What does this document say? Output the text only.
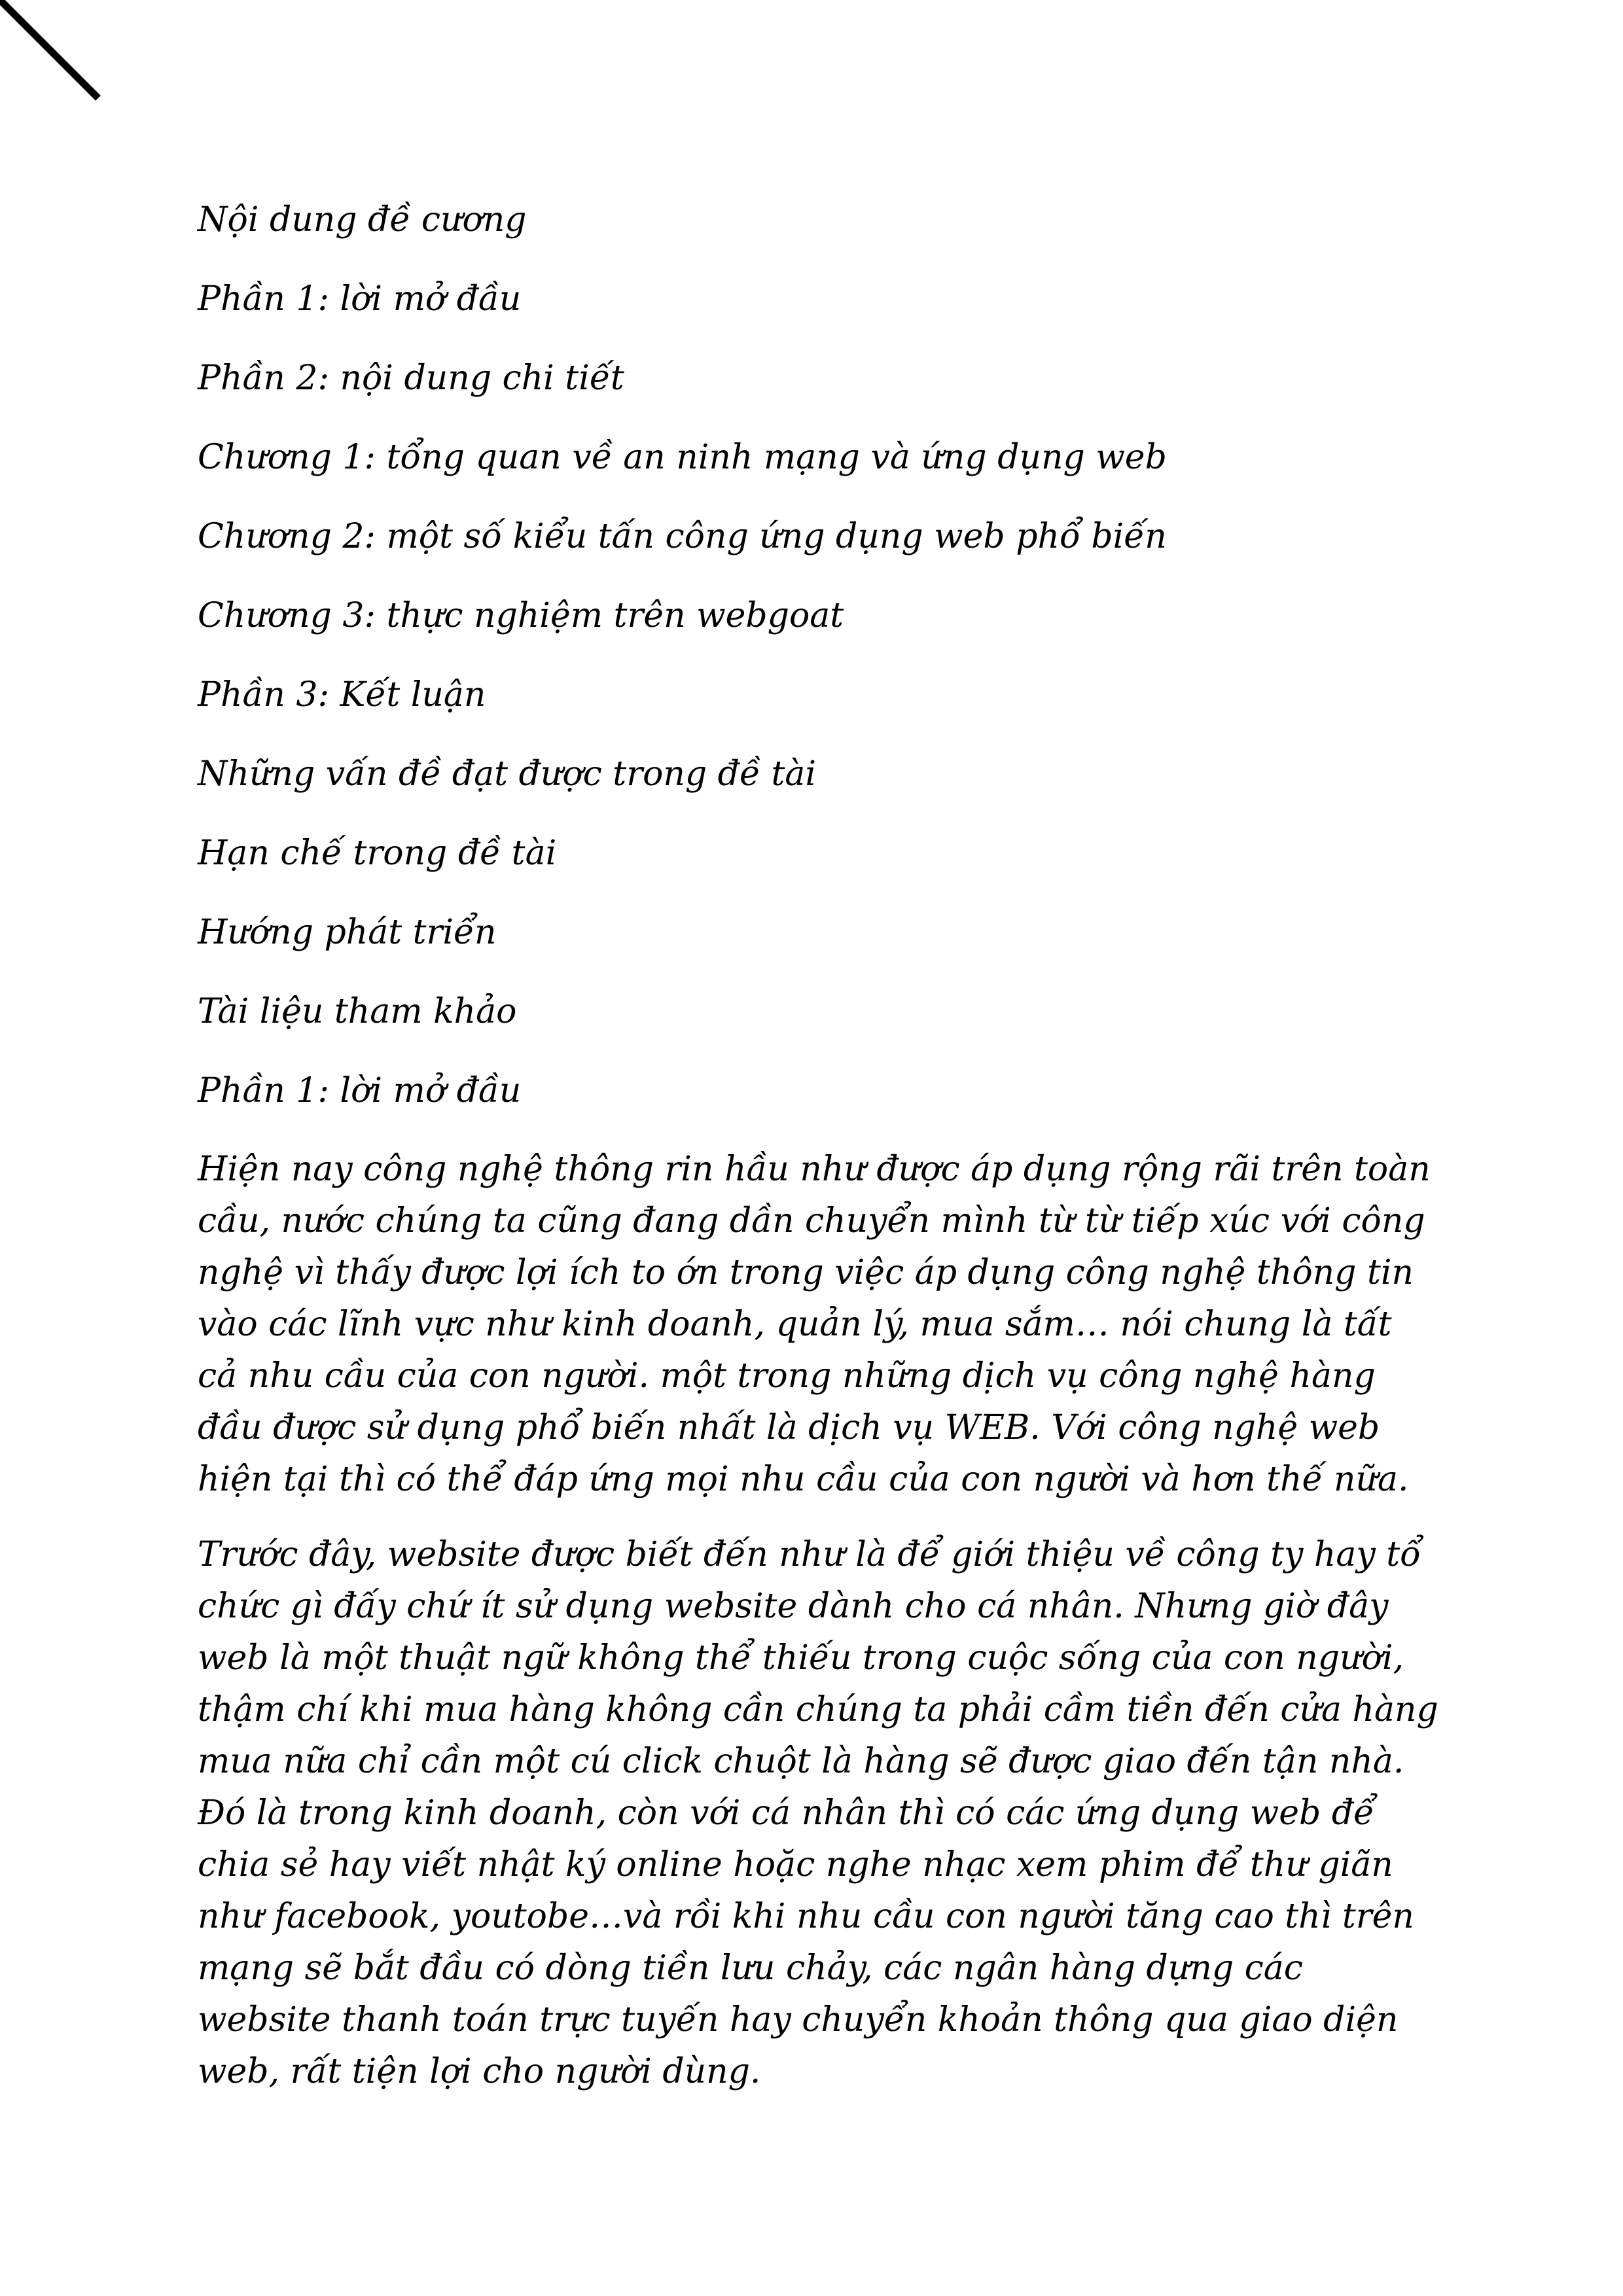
Nội dung đề cương

Phần 1: lời mở đầu

Phần 2: nội dung chi tiết

Chương 1: tổng quan về an ninh mạng và ứng dụng web

Chương 2: một số kiểu tấn công ứng dụng web phổ biến

Chương 3: thực nghiệm trên webgoat

Phần 3: Kết luận

Những vấn đề đạt được trong đề tài

Hạn chế trong đề tài

Hướng phát triển

Tài liệu tham khảo

Phần 1: lời mở đầu

Hiện nay công nghệ thông rin hầu như được áp dụng rộng rãi trên toàn cầu, nước chúng ta cũng đang dần chuyển mình từ từ tiếp xúc với công nghệ vì thấy được lợi ích to ớn trong việc áp dụng công nghệ thông tin vào các lĩnh vực như kinh doanh, quản lý, mua sắm… nói chung là tất cả nhu cầu của con người. một trong những dịch vụ công nghệ hàng đầu được sử dụng phổ biến nhất là dịch vụ WEB. Với công nghệ web hiện tại thì có thể đáp ứng mọi nhu cầu của con người và hơn thế nữa.

Trước đây, website được biết đến như là để giới thiệu về công ty hay tổ chức gì đấy chứ ít sử dụng website dành cho cá nhân. Nhưng giờ đây web là một thuật ngữ không thể thiếu trong cuộc sống của con người, thậm chí khi mua hàng không cần chúng ta phải cầm tiền đến cửa hàng mua nữa chỉ cần một cú click chuột là hàng sẽ được giao đến tận nhà. Đó là trong kinh doanh, còn với cá nhân thì có các ứng dụng web để chia sẻ hay viết nhật ký online hoặc nghe nhạc xem phim để thư giãn như facebook, youtobe…và rồi khi nhu cầu con người tăng cao thì trên mạng sẽ bắt đầu có dòng tiền lưu chảy, các ngân hàng dựng các website thanh toán trực tuyến hay chuyển khoản thông qua giao diện web, rất tiện lợi cho người dùng.
